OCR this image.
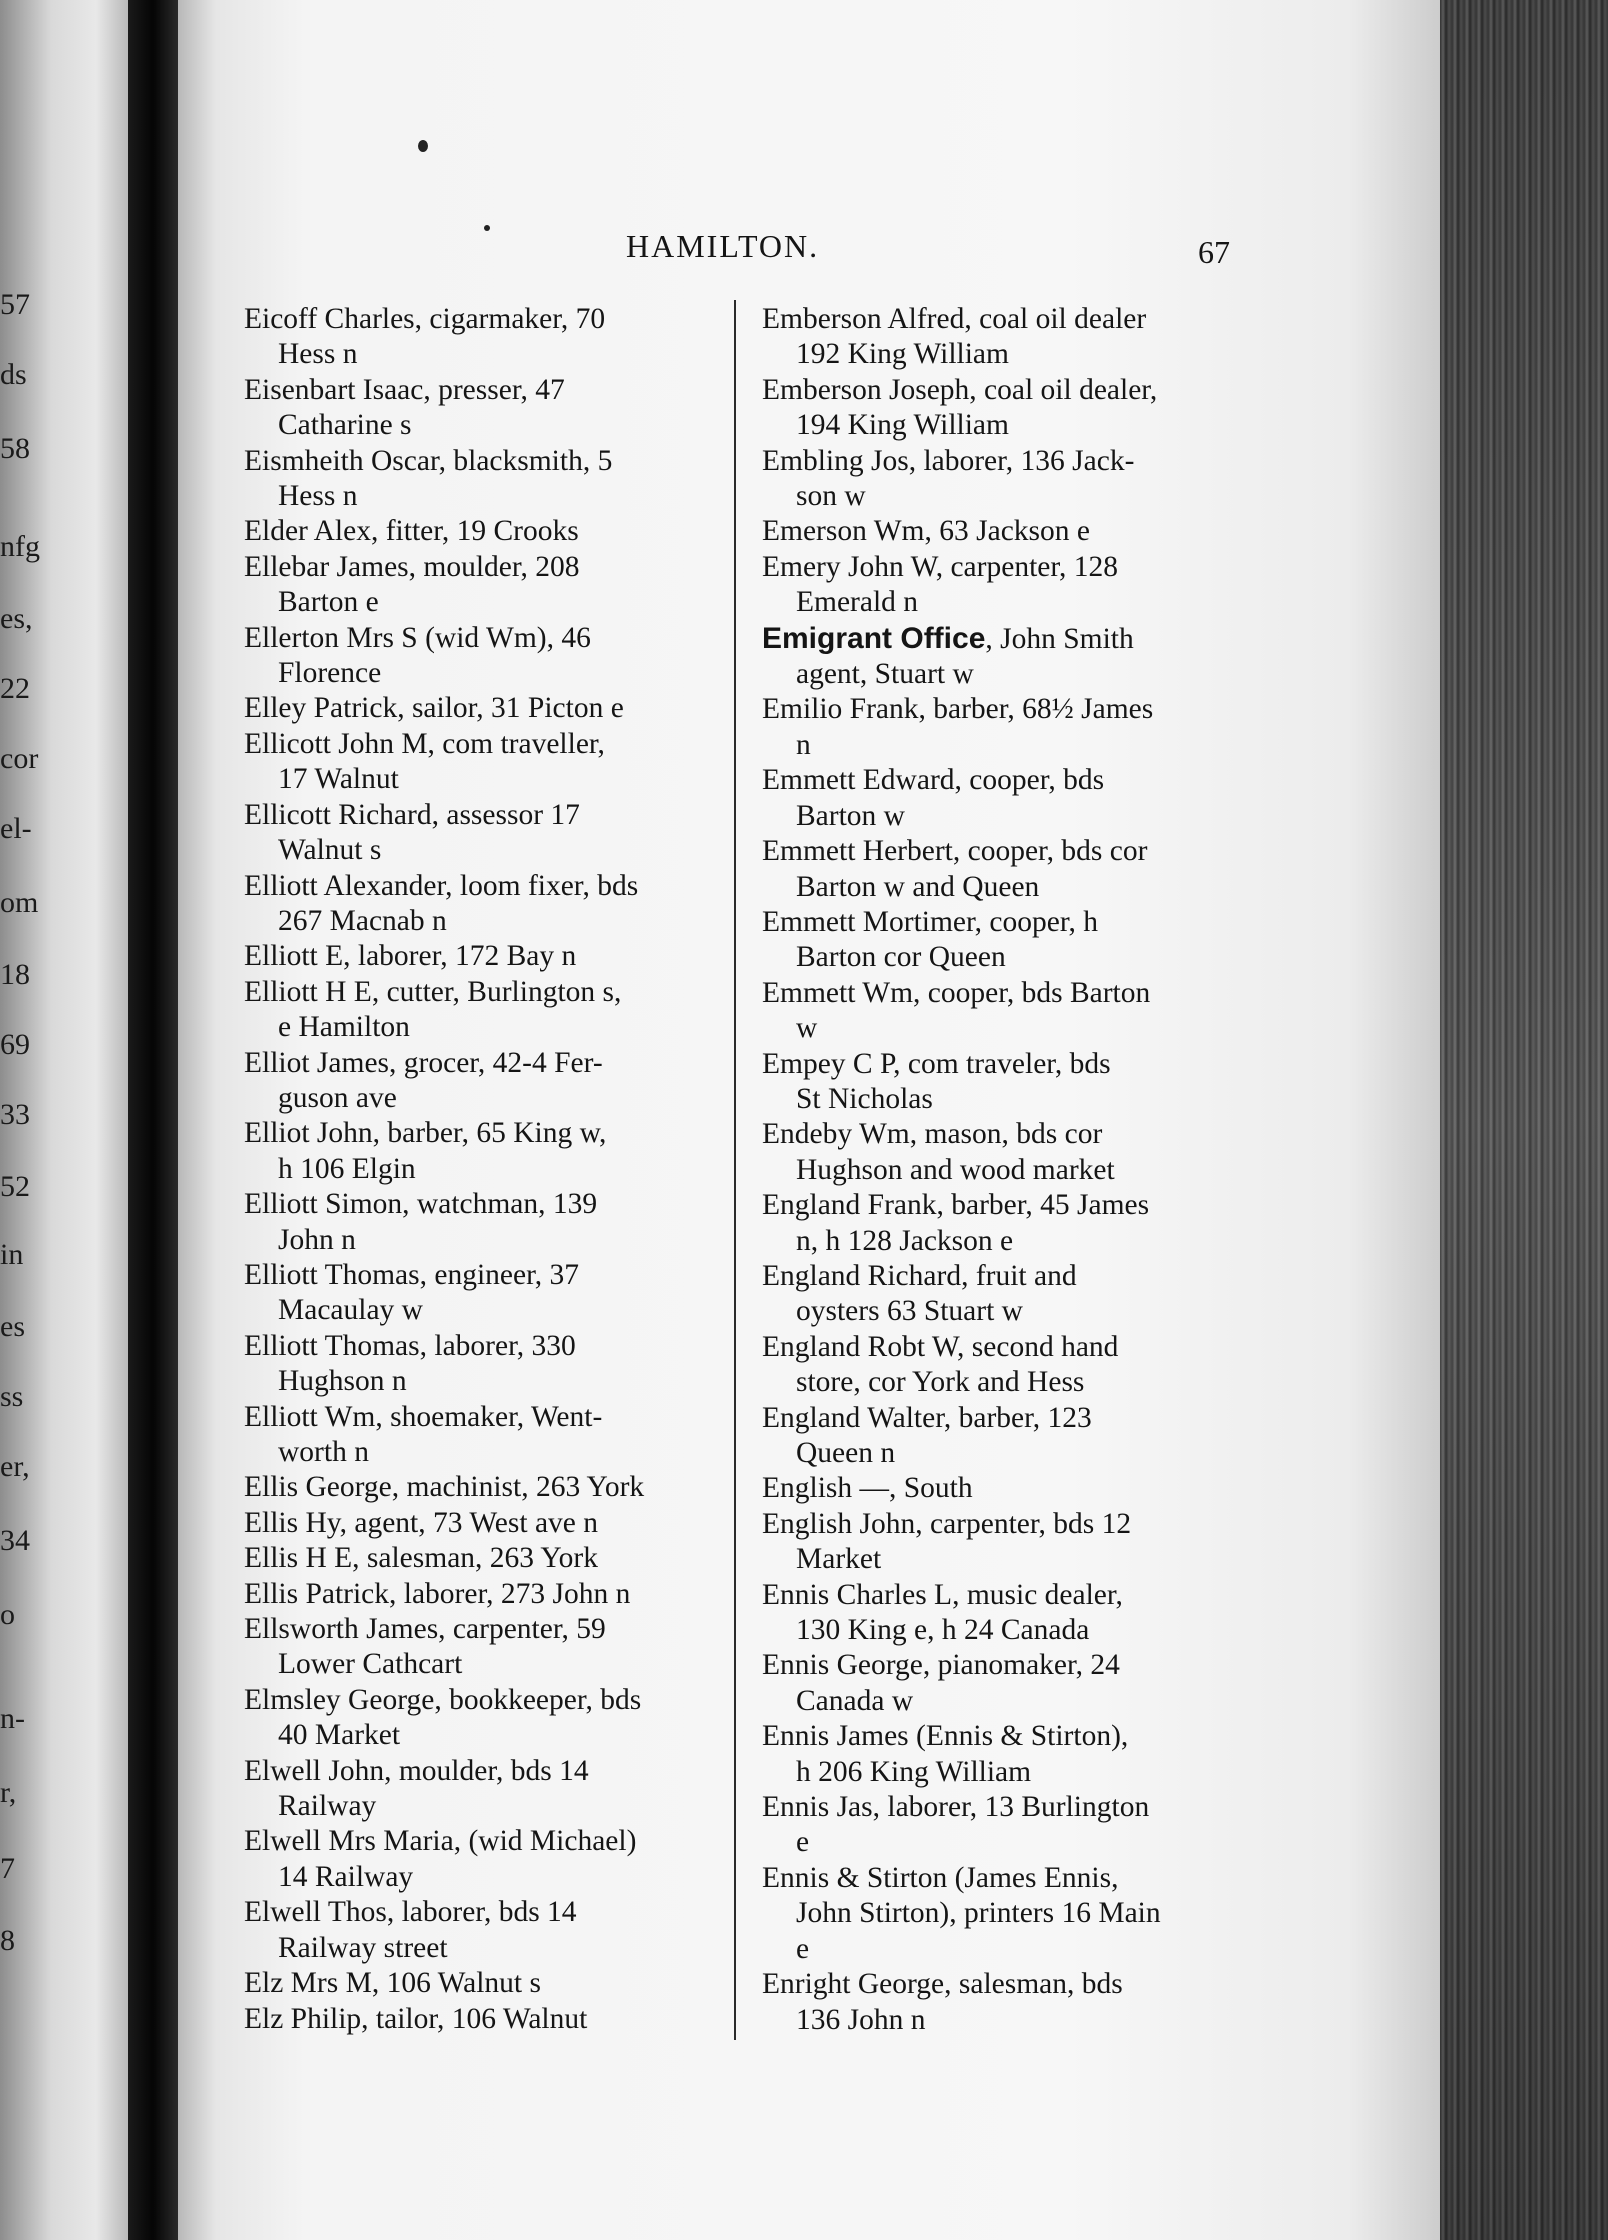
HAMILTON.	67
57
ds
58
nfg
es,
22
cor
el-
om
18
69
33
52
in
es
ss
er,
34
o
n-
r,
7
8
Eicoff Charles, cigarmaker, 70
Hess n
Eisenbart Isaac, presser, 47
Catharine s
Eismheith Oscar, blacksmith, 5
Hess n
Elder Alex, fitter, 19 Crooks
Ellebar James, moulder, 208
Barton e
Ellerton Mrs S (wid Wm), 46
Florence
Elley Patrick, sailor, 31 Picton e
Ellicott John M, com traveller,
17 Walnut
Ellicott Richard, assessor 17
Walnut s
Elliott Alexander, loom fixer, bds
267 Macnab n
Elliott E, laborer, 172 Bay n
Elliott H E, cutter, Burlington s,
e Hamilton
Elliot James, grocer, 42-4 Fer-
guson ave
Elliot John, barber, 65 King w,
h 106 Elgin
Elliott Simon, watchman, 139
John n
Elliott Thomas, engineer, 37
Macaulay w
Elliott Thomas, laborer, 330
Hughson n
Elliott Wm, shoemaker, Went-
worth n
Ellis George, machinist, 263 York
Ellis Hy, agent, 73 West ave n
Ellis H E, salesman, 263 York
Ellis Patrick, laborer, 273 John n
Ellsworth James, carpenter, 59
Lower Cathcart
Elmsley George, bookkeeper, bds
40 Market
Elwell John, moulder, bds 14
Railway
Elwell Mrs Maria, (wid Michael)
14 Railway
Elwell Thos, laborer, bds 14
Railway street
Elz Mrs M, 106 Walnut s
Elz Philip, tailor, 106 Walnut
Emberson Alfred, coal oil dealer
192 King William
Emberson Joseph, coal oil dealer,
194 King William
Embling Jos, laborer, 136 Jack-
son w
Emerson Wm, 63 Jackson e
Emery John W, carpenter, 128
Emerald n
Emigrant Office, John Smith
agent, Stuart w
Emilio Frank, barber, 68½ James
n
Emmett Edward, cooper, bds
Barton w
Emmett Herbert, cooper, bds cor
Barton w and Queen
Emmett Mortimer, cooper, h
Barton cor Queen
Emmett Wm, cooper, bds Barton
w
Empey C P, com traveler, bds
St Nicholas
Endeby Wm, mason, bds cor
Hughson and wood market
England Frank, barber, 45 James
n, h 128 Jackson e
England Richard, fruit and
oysters 63 Stuart w
England Robt W, second hand
store, cor York and Hess
England Walter, barber, 123
Queen n
English —, South
English John, carpenter, bds 12
Market
Ennis Charles L, music dealer,
130 King e, h 24 Canada
Ennis George, pianomaker, 24
Canada w
Ennis James (Ennis & Stirton),
h 206 King William
Ennis Jas, laborer, 13 Burlington
e
Ennis & Stirton (James Ennis,
John Stirton), printers 16 Main
e
Enright George, salesman, bds
136 John n
